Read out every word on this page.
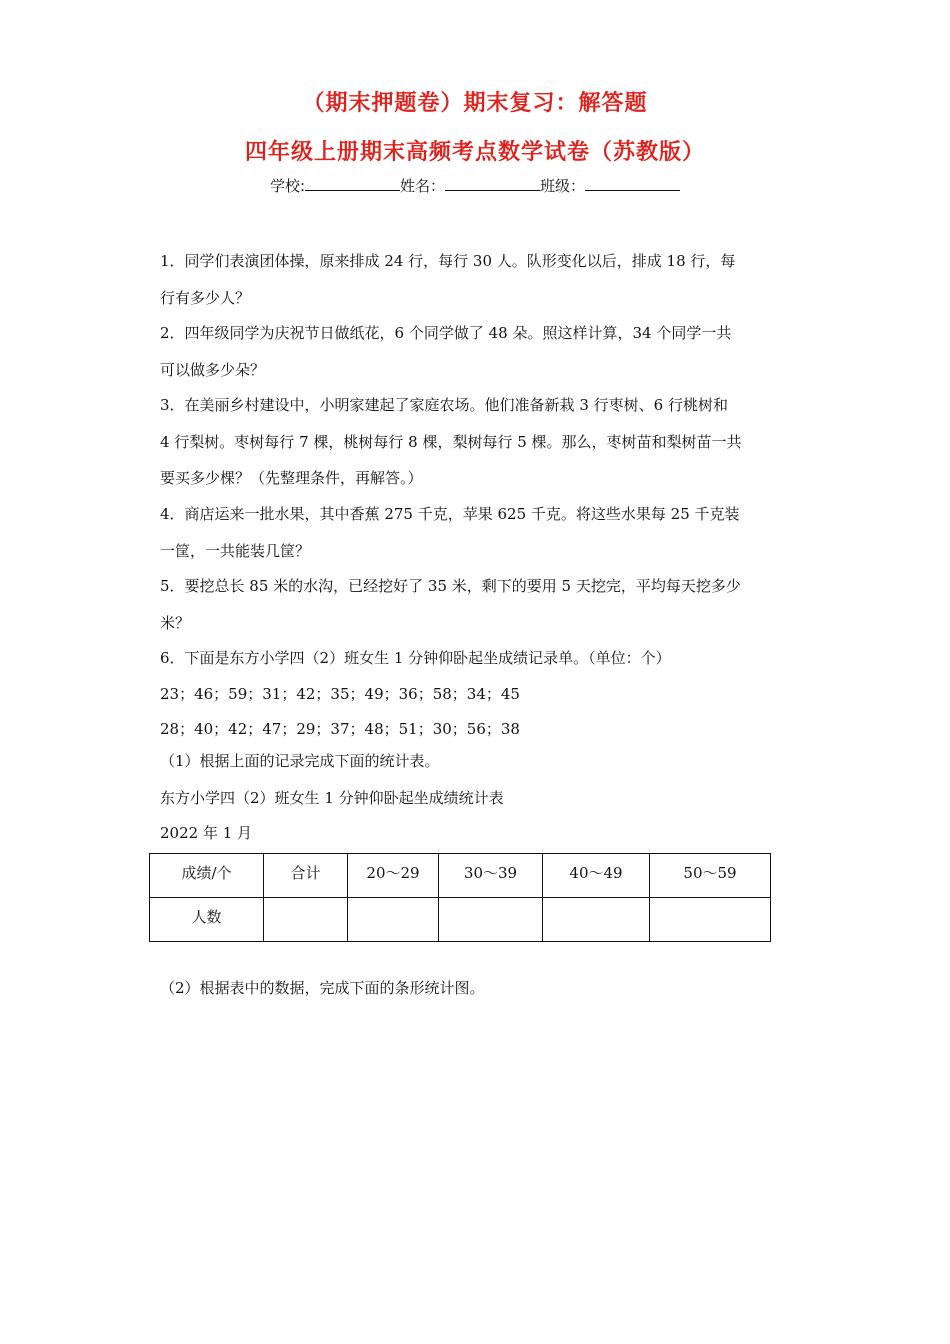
（期末押题卷）期末复习：解答题
四年级上册期末高频考点数学试卷（苏教版）
学校:	姓名：	班级：
1．同学们表演团体操，原来排成 24 行，每行 30 人。队形变化以后，排成 18 行，每
行有多少人？
2．四年级同学为庆祝节日做纸花，6 个同学做了 48 朵。照这样计算，34 个同学一共
可以做多少朵？
3．在美丽乡村建设中，小明家建起了家庭农场。他们准备新栽 3 行枣树、6 行桃树和
4 行梨树。枣树每行 7 棵，桃树每行 8 棵，梨树每行 5 棵。那么，枣树苗和梨树苗一共
要买多少棵？（先整理条件，再解答。）
4．商店运来一批水果，其中香蕉 275 千克，苹果 625 千克。将这些水果每 25 千克装
一筐，一共能装几筐？
5．要挖总长 85 米的水沟，已经挖好了 35 米，剩下的要用 5 天挖完，平均每天挖多少
米？
6．下面是东方小学四（2）班女生 1 分钟仰卧起坐成绩记录单。（单位：个）
23；46；59；31；42；35；49；36；58；34；45
28；40；42；47；29；37；48；51；30；56；38
（1）根据上面的记录完成下面的统计表。
东方小学四（2）班女生 1 分钟仰卧起坐成绩统计表
2022 年 1 月
成绩/个	合计	20～29	30～39	40～49	50～59
人数					
（2）根据表中的数据，完成下面的条形统计图。
